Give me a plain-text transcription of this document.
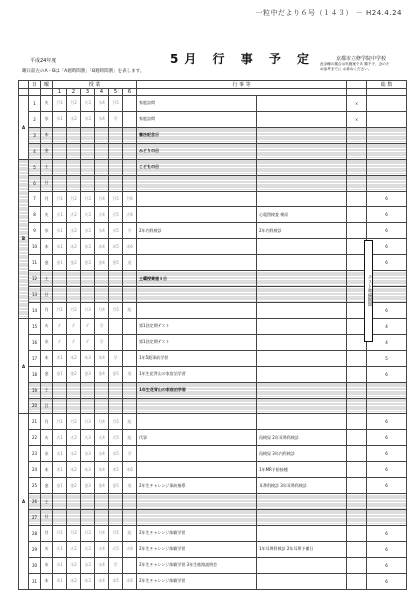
一粒中だより６号（１４３） － H24.4.24
平成24年度	5月 行 事 予 定	京都市立修学院中学校
曜日前左のA・Bは「A週時間割」「B週時間割」を表します。
此余種の割合は実施案であ 順不子、念のため参考までに お尋ねください。
	日	曜	授 業						行 事 等			総 数
			1	2	3	4	5	6				
A	1	火	月1	月2	火3	水4	月5		家庭訪問		×	
	2	水	水1	水2	水3	水4	学		家庭訪問		×	
	3	木							憲法記念日			
	4	金							みどりの日			
B	5	土							こどもの日			
	6	日										
	7	月	月1	月2	月3	月4	月5	月6				6
	8	火	火1	火2	火3	火4	火5	火6		心電図検査 検尿		6
	9	水	水1	水2	水3	水4	水5	学	2年内科検診	2年内科検診		6
	10	木	木1	木2	木3	木4	木5	木6				6
	11	金	金1	金2	金3	金4	金5	道				6
	12	土							土曜授業週５日			
	13	日										
	14	月	月1	月2	月3	月4	月5	総				6
A	15	火	テ	テ	テ	学			第1回定期テスト			4
	16	水	テ	テ	テ	学			第1回定期テスト			4
	17	木	木1	木2	木3	木4	学		1年5限事前学習			5
	18	金	金1	金2	金3	金4	金5	道	1年生花背山の家宿泊学習			6
	19	土							1年生花背山の家宿泊学習			
	20	日										
A	21	月	月1	月2	月3	月4	月5	総				6
	22	火	火1	火2	火3	火4	火5	総	代事	再検尿 2年耳鼻科検診		6
	23	水	水1	水2	水3	水4	水5	学		再検尿 3年内科検診		6
	24	木	木1	木2	木3	木4	木5	木6		1年MR予防接種		6
	25	金	金1	金2	金3	金4	金5	道	2年生チャレンジ事前指導	耳鼻科検診 3年耳鼻科検診		6
	26	土										
	27	日										
	28	月	月1	月2	月3	月4	月5	総	2年生チャレンジ体験学習			6
	29	火	火1	火2	火3	火4	火5	火6	2年生チャレンジ体験学習	1年耳鼻科検診 2年耳鼻予備日		6
	30	水	水1	水2	水3	水4	学		2年生チャレンジ体験学習 3年生進路説明会			6
	31	木	木1	木2	木3	木4	木5	木6	2年生チャレンジ体験学習			6
テスト準備期間
